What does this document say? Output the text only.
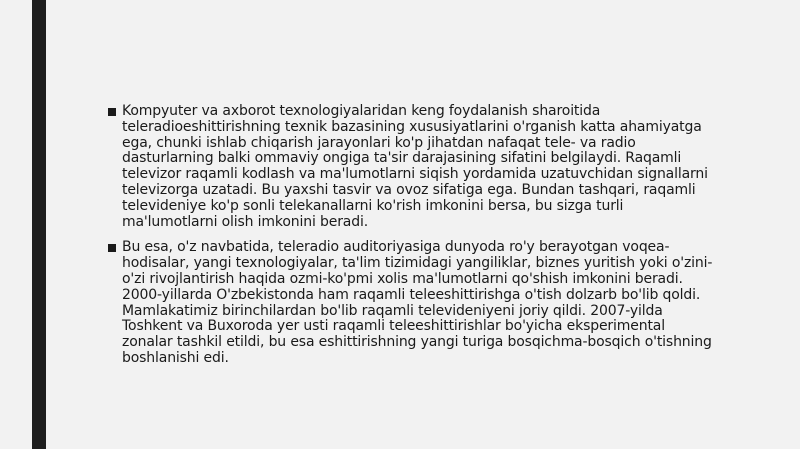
Kompyuter va axborot texnologiyalaridan keng foydalanish sharoitida teleradioeshittirishning texnik bazasining xususiyatlarini o'rganish katta ahamiyatga ega, chunki ishlab chiqarish jarayonlari ko'p jihatdan nafaqat tele- va radio dasturlarning balki ommaviy ongiga ta'sir darajasining sifatini belgilaydi. Raqamli televizor raqamli kodlash va ma'lumotlarni siqish yordamida uzatuvchidan signallarni televizorga uzatadi. Bu yaxshi tasvir va ovoz sifatiga ega. Bundan tashqari, raqamli televideniye ko'p sonli telekanallarni ko'rish imkonini bersa, bu sizga turli ma'lumotlarni olish imkonini beradi.
Bu esa, o'z navbatida, teleradio auditoriyasiga dunyoda ro'y berayotgan voqea-hodisalar, yangi texnologiyalar, ta'lim tizimidagi yangiliklar, biznes yuritish yoki o'zini-o'zi rivojlantirish haqida ozmi-ko'pmi xolis ma'lumotlarni qo'shish imkonini beradi. 2000-yillarda O'zbekistonda ham raqamli teleeshittirishga o'tish dolzarb bo'lib qoldi. Mamlakatimiz birinchilardan bo'lib raqamli televideniyeni joriy qildi. 2007-yilda Toshkent va Buxoroda yer usti raqamli teleeshittirishlar bo'yicha eksperimental zonalar tashkil etildi, bu esa eshittirishning yangi turiga bosqichma-bosqich o'tishning boshlanishi edi.
